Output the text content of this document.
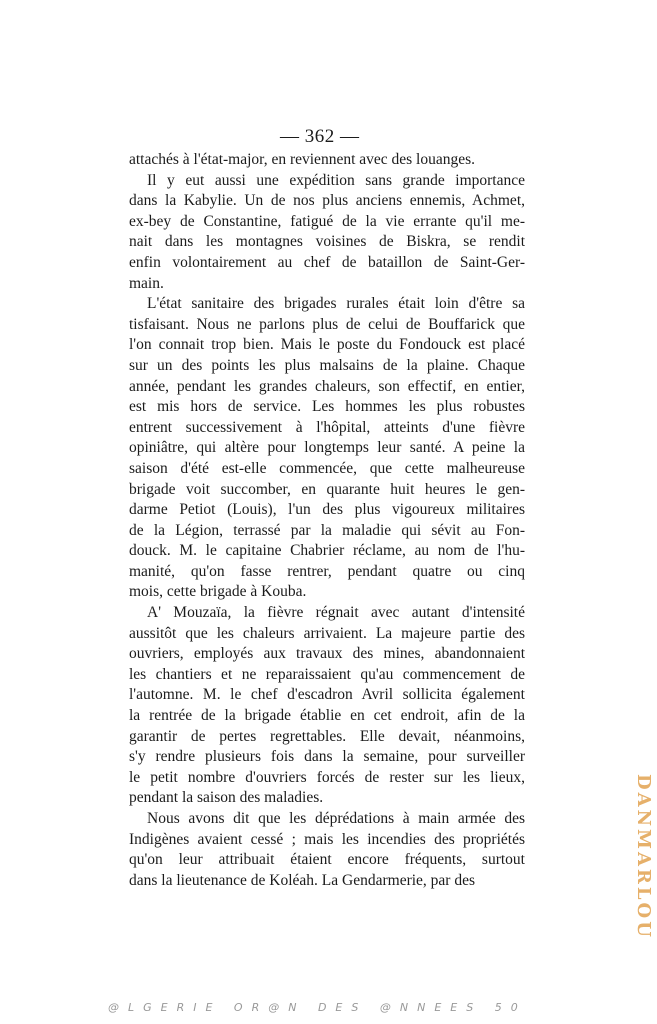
— 362 —
attachés à l'état-major, en reviennent avec des louanges.
Il y eut aussi une expédition sans grande importance
dans la Kabylie. Un de nos plus anciens ennemis, Achmet,
ex-bey de Constantine, fatigué de la vie errante qu'il me-
nait dans les montagnes voisines de Biskra, se rendit
enfin volontairement au chef de bataillon de Saint-Ger-
main.
L'état sanitaire des brigades rurales était loin d'être sa
tisfaisant. Nous ne parlons plus de celui de Bouffarick que
l'on connait trop bien. Mais le poste du Fondouck est placé
sur un des points les plus malsains de la plaine. Chaque
année, pendant les grandes chaleurs, son effectif, en entier,
est mis hors de service. Les hommes les plus robustes
entrent successivement à l'hôpital, atteints d'une fièvre
opiniâtre, qui altère pour longtemps leur santé. A peine la
saison d'été est-elle commencée, que cette malheureuse
brigade voit succomber, en quarante huit heures le gen-
darme Petiot (Louis), l'un des plus vigoureux militaires
de la Légion, terrassé par la maladie qui sévit au Fon-
douck. M. le capitaine Chabrier réclame, au nom de l'hu-
manité, qu'on fasse rentrer, pendant quatre ou cinq
mois, cette brigade à Kouba.
A' Mouzaïa, la fièvre régnait avec autant d'intensité
aussitôt que les chaleurs arrivaient. La majeure partie des
ouvriers, employés aux travaux des mines, abandonnaient
les chantiers et ne reparaissaient qu'au commencement de
l'automne. M. le chef d'escadron Avril sollicita également
la rentrée de la brigade établie en cet endroit, afin de la
garantir de pertes regrettables. Elle devait, néanmoins,
s'y rendre plusieurs fois dans la semaine, pour surveiller
le petit nombre d'ouvriers forcés de rester sur les lieux,
pendant la saison des maladies.
Nous avons dit que les déprédations à main armée des
Indigènes avaient cessé ; mais les incendies des propriétés
qu'on leur attribuait étaient encore fréquents, surtout
dans la lieutenance de Koléah. La Gendarmerie, par des	DANMARLOU
@LGERIE OR@N DES @NNEES 50
